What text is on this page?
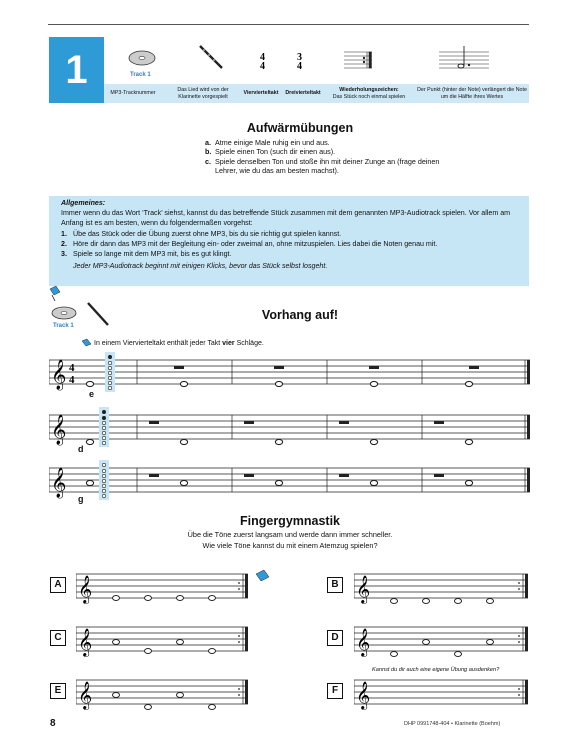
1	Track 1
4
4
3
4
MP3-Tracknummer
Das Lied wird von der Klarinette vorgespielt
Viervierteltakt	Dreivierteltakt
Wiederholungszeichen:
Das Stück noch einmal spielen
Der Punkt (hinter der Note) verlängert die Note um die Hälfte ihres Wertes
Aufwärmübungen
a. Atme einige Male ruhig ein und aus.
b. Spiele einen Ton (such dir einen aus).
c. Spiele denselben Ton und stoße ihn mit deiner Zunge an (frage deinen Lehrer, wie du das am besten machst).
Allgemeines:
Immer wenn du das Wort ‘Track’ siehst, kannst du das betreffende Stück zusammen mit dem genannten MP3-Audiotrack spielen. Vor allem am Anfang ist es am besten, wenn du folgendermaßen vorgehst:
1. Übe das Stück oder die Übung zuerst ohne MP3, bis du sie richtig gut spielen kannst.
2. Höre dir dann das MP3 mit der Begleitung ein- oder zweimal an, ohne mitzuspielen. Lies dabei die Noten genau mit.
3. Spiele so lange mit dem MP3 mit, bis es gut klingt.
Jeder MP3-Audiotrack beginnt mit einigen Klicks, bevor das Stück selbst losgeht.
Track 1
Vorhang auf!
In einem Viervierteltakt enthält jeder Takt vier Schläge.
𝄞 4
4
e
𝄞
d
𝄞
g
Fingergymnastik
Übe die Töne zuerst langsam und werde dann immer schneller.
Wie viele Töne kannst du mit einem Atemzug spielen?
A 𝄞	B 𝄞
C 𝄞	D 𝄞
E 𝄞
Kannst du dir auch eine eigene Übung ausdenken?
F 𝄞
8	DHP 0991748-404 • Klarinette (Boehm)
